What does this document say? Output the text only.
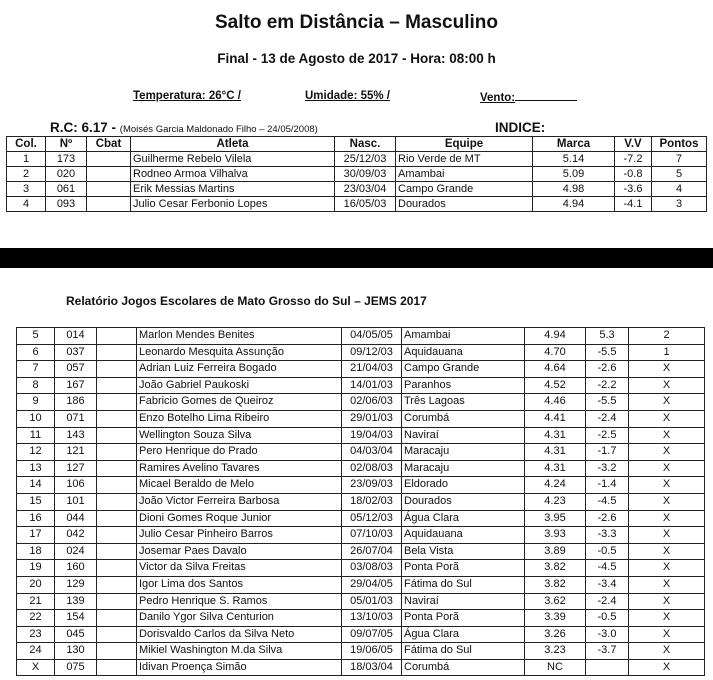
Salto em Distância – Masculino
Final - 13 de Agosto de 2017 - Hora: 08:00 h
Temperatura: 26°C /	Umidade: 55% /	Vento:
R.C: 6.17 - (Moisés Garcia Maldonado Filho – 24/05/2008)	INDICE:
Col.	Nº	Cbat	Atleta	Nasc.	Equipe	Marca	V.V	Pontos
1	173		Guilherme Rebelo Vilela	25/12/03	Rio Verde de MT	5.14	-7.2	7
2	020		Rodneo Armoa Vilhalva	30/09/03	Amambai	5.09	-0.8	5
3	061		Erik Messias Martins	23/03/04	Campo Grande	4.98	-3.6	4
4	093		Julio Cesar Ferbonio Lopes	16/05/03	Dourados	4.94	-4.1	3
Relatório Jogos Escolares de Mato Grosso do Sul – JEMS 2017
5	014		Marlon Mendes Benites	04/05/05	Amambai	4.94	5.3	2
6	037		Leonardo Mesquita Assunção	09/12/03	Aquidauana	4.70	-5.5	1
7	057		Adrian Luiz Ferreira Bogado	21/04/03	Campo Grande	4.64	-2.6	X
8	167		João Gabriel Paukoski	14/01/03	Paranhos	4.52	-2.2	X
9	186		Fabricio Gomes de Queiroz	02/06/03	Três Lagoas	4.46	-5.5	X
10	071		Enzo Botelho Lima Ribeiro	29/01/03	Corumbá	4.41	-2.4	X
11	143		Wellington Souza Silva	19/04/03	Naviraí	4.31	-2.5	X
12	121		Pero Henrique do Prado	04/03/04	Maracaju	4.31	-1.7	X
13	127		Ramires Avelino Tavares	02/08/03	Maracaju	4.31	-3.2	X
14	106		Micael Beraldo de Melo	23/09/03	Eldorado	4.24	-1.4	X
15	101		João Victor Ferreira Barbosa	18/02/03	Dourados	4.23	-4.5	X
16	044		Dioni Gomes Roque Junior	05/12/03	Água Clara	3.95	-2.6	X
17	042		Julio Cesar Pinheiro Barros	07/10/03	Aquidauana	3.93	-3.3	X
18	024		Josemar Paes Davalo	26/07/04	Bela Vista	3.89	-0.5	X
19	160		Victor da Silva Freitas	03/08/03	Ponta Porã	3.82	-4.5	X
20	129		Igor Lima dos Santos	29/04/05	Fátima do Sul	3.82	-3.4	X
21	139		Pedro Henrique S. Ramos	05/01/03	Naviraí	3.62	-2.4	X
22	154		Danilo Ygor Silva Centurion	13/10/03	Ponta Porã	3.39	-0.5	X
23	045		Dorisvaldo Carlos da Silva Neto	09/07/05	Água Clara	3.26	-3.0	X
24	130		Mikiel Washington M.da Silva	19/06/05	Fátima do Sul	3.23	-3.7	X
X	075		Idivan Proença Simão	18/03/04	Corumbá	NC		X
